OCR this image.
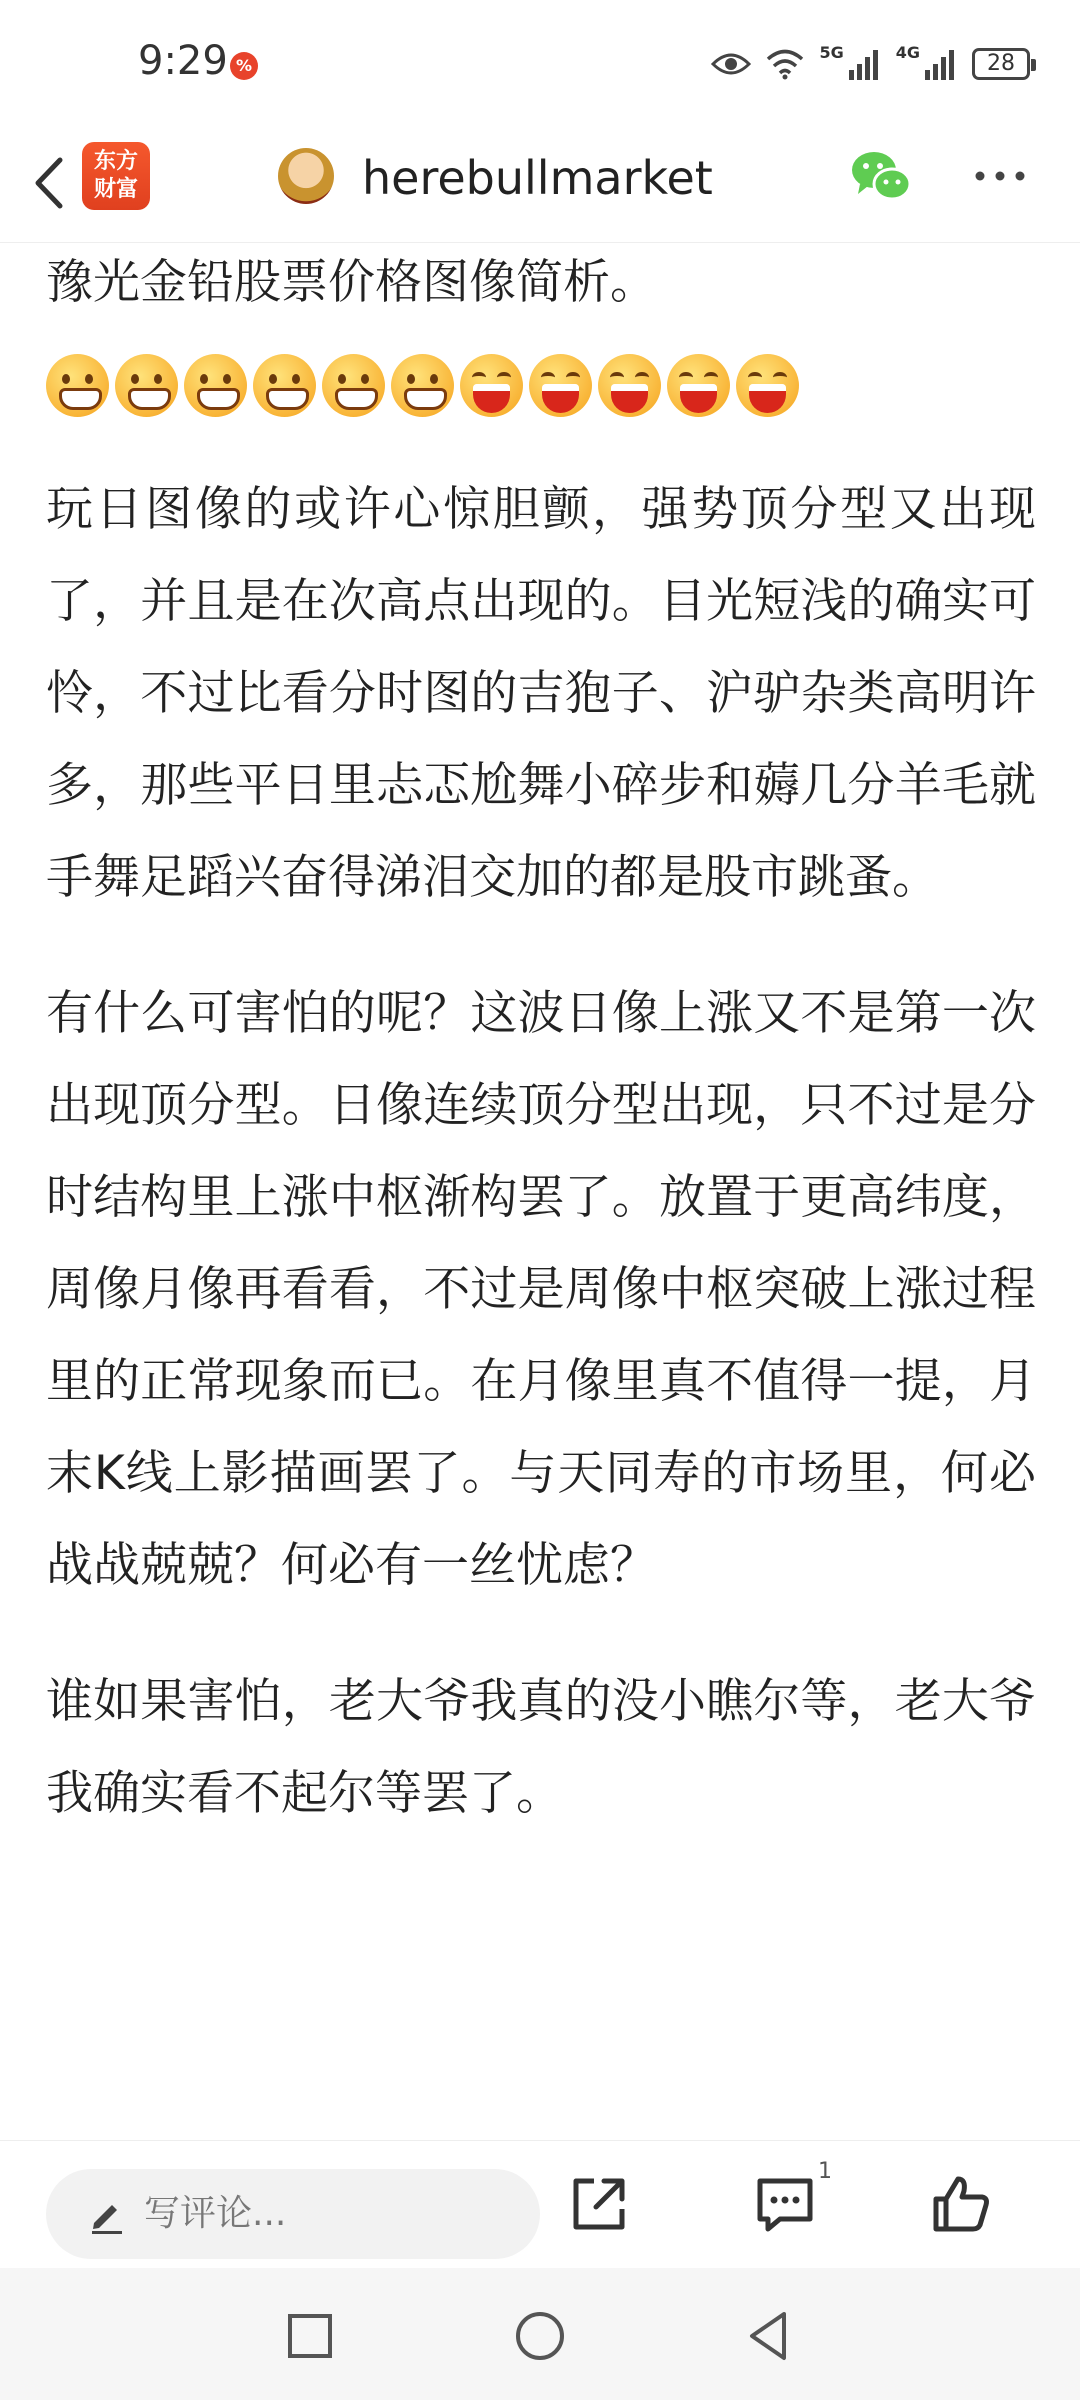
9:29 %
5G	4G	28
东方
财富	herebullmarket

豫光金铅股票价格图像简析。

玩日图像的或许心惊胆颤，强势顶分型又出现了，并且是在次高点出现的。目光短浅的确实可怜，不过比看分时图的吉狍子、沪驴杂类高明许多，那些平日里忐忑尬舞小碎步和薅几分羊毛就手舞足蹈兴奋得涕泪交加的都是股市跳蚤。

有什么可害怕的呢？这波日像上涨又不是第一次出现顶分型。日像连续顶分型出现，只不过是分时结构里上涨中枢渐构罢了。放置于更高纬度，周像月像再看看，不过是周像中枢突破上涨过程里的正常现象而已。在月像里真不值得一提，月末K线上影描画罢了。与天同寿的市场里，何必战战兢兢？何必有一丝忧虑？

谁如果害怕，老大爷我真的没小瞧尔等，老大爷我确实看不起尔等罢了。

写评论...
1
